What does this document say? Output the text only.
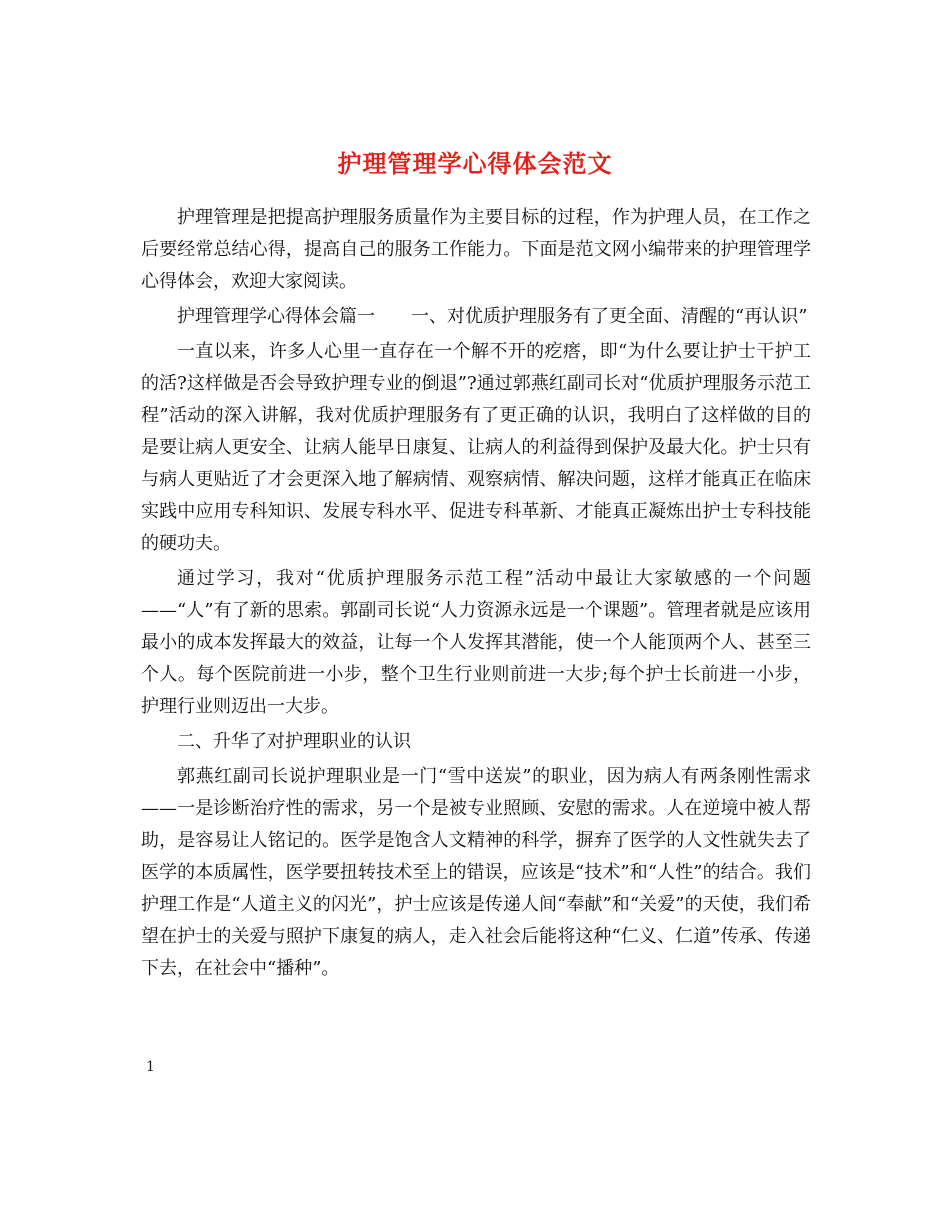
护理管理学心得体会范文

护理管理是把提高护理服务质量作为主要目标的过程，作为护理人员，在工作之后要经常总结心得，提高自己的服务工作能力。下面是范文网小编带来的护理管理学心得体会，欢迎大家阅读。

护理管理学心得体会篇一　　一、对优质护理服务有了更全面、清醒的“再认识”

一直以来，许多人心里一直存在一个解不开的疙瘩，即“为什么要让护士干护工的活?这样做是否会导致护理专业的倒退”?通过郭燕红副司长对“优质护理服务示范工程”活动的深入讲解，我对优质护理服务有了更正确的认识，我明白了这样做的目的是要让病人更安全、让病人能早日康复、让病人的利益得到保护及最大化。护士只有与病人更贴近了才会更深入地了解病情、观察病情、解决问题，这样才能真正在临床实践中应用专科知识、发展专科水平、促进专科革新、才能真正凝炼出护士专科技能的硬功夫。

通过学习，我对“优质护理服务示范工程”活动中最让大家敏感的一个问题——“人”有了新的思索。郭副司长说“人力资源永远是一个课题”。管理者就是应该用最小的成本发挥最大的效益，让每一个人发挥其潜能，使一个人能顶两个人、甚至三个人。每个医院前进一小步，整个卫生行业则前进一大步;每个护士长前进一小步，护理行业则迈出一大步。

二、升华了对护理职业的认识

郭燕红副司长说护理职业是一门“雪中送炭”的职业，因为病人有两条刚性需求——一是诊断治疗性的需求，另一个是被专业照顾、安慰的需求。人在逆境中被人帮助，是容易让人铭记的。医学是饱含人文精神的科学，摒弃了医学的人文性就失去了医学的本质属性，医学要扭转技术至上的错误，应该是“技术”和“人性”的结合。我们护理工作是“人道主义的闪光”，护士应该是传递人间“奉献”和“关爱”的天使，我们希望在护士的关爱与照护下康复的病人，走入社会后能将这种“仁义、仁道”传承、传递下去，在社会中“播种”。

1
